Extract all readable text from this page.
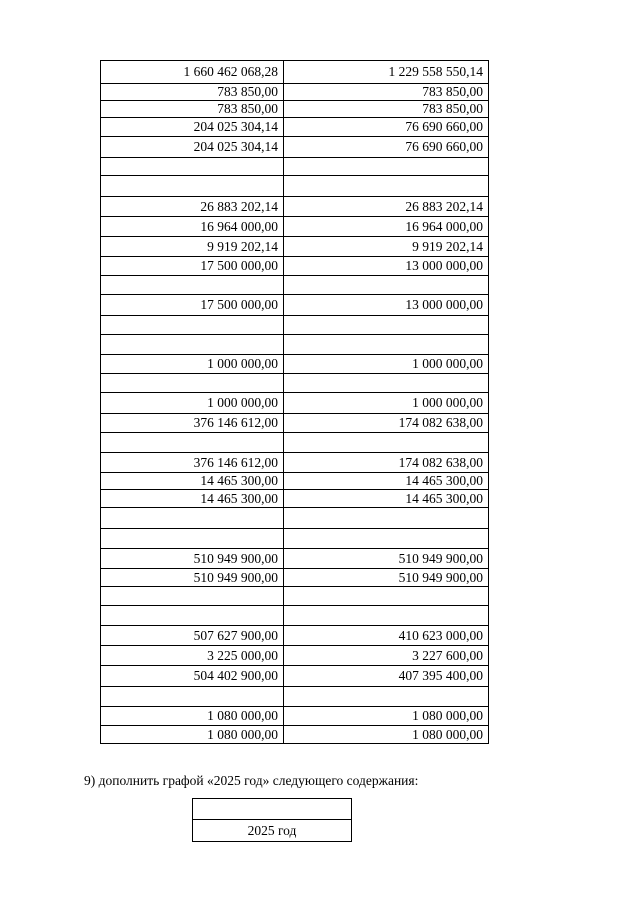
1 660 462 068,28	1 229 558 550,14
783 850,00	783 850,00
783 850,00	783 850,00
204 025 304,14	76 690 660,00
204 025 304,14	76 690 660,00
26 883 202,14	26 883 202,14
16 964 000,00	16 964 000,00
9 919 202,14	9 919 202,14
17 500 000,00	13 000 000,00
17 500 000,00	13 000 000,00
1 000 000,00	1 000 000,00
1 000 000,00	1 000 000,00
376 146 612,00	174 082 638,00
376 146 612,00	174 082 638,00
14 465 300,00	14 465 300,00
14 465 300,00	14 465 300,00
510 949 900,00	510 949 900,00
510 949 900,00	510 949 900,00
507 627 900,00	410 623 000,00
3 225 000,00	3 227 600,00
504 402 900,00	407 395 400,00
1 080 000,00	1 080 000,00
1 080 000,00	1 080 000,00
9) дополнить графой «2025 год» следующего содержания:
2025 год
